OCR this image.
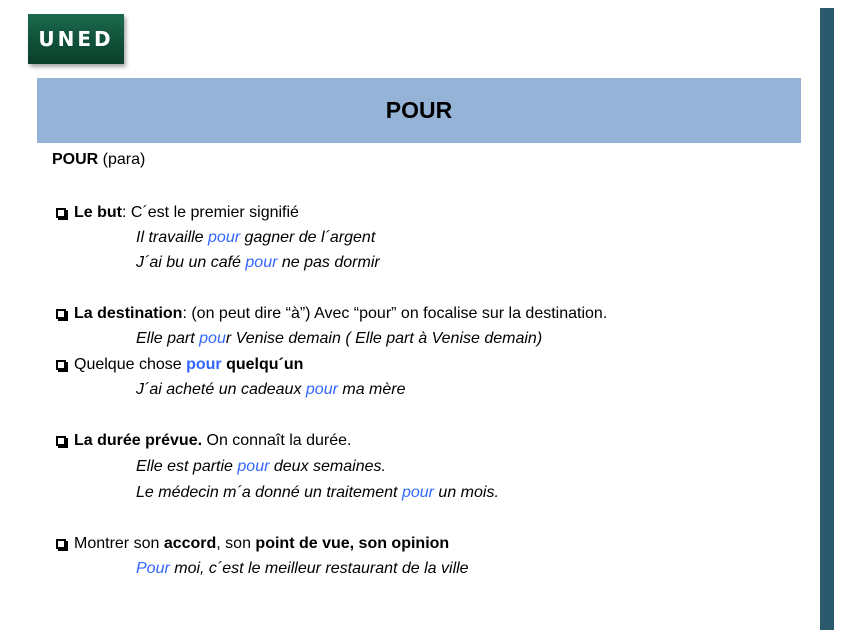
UNED
POUR
POUR (para)
Le but: C´est le premier signifié
Il travaille pour gagner de l´argent
J´ai bu un café pour ne pas dormir
La destination: (on peut dire “à”) Avec “pour” on focalise sur la destination.
Elle part pour Venise demain ( Elle part à Venise demain)
Quelque chose pour quelqu´un
J´ai acheté un cadeaux pour ma mère
La durée prévue. On connaît la durée.
Elle est partie pour deux semaines.
Le médecin m´a donné un traitement pour un mois.
Montrer son accord, son point de vue, son opinion
Pour moi, c´est le meilleur restaurant de la ville
